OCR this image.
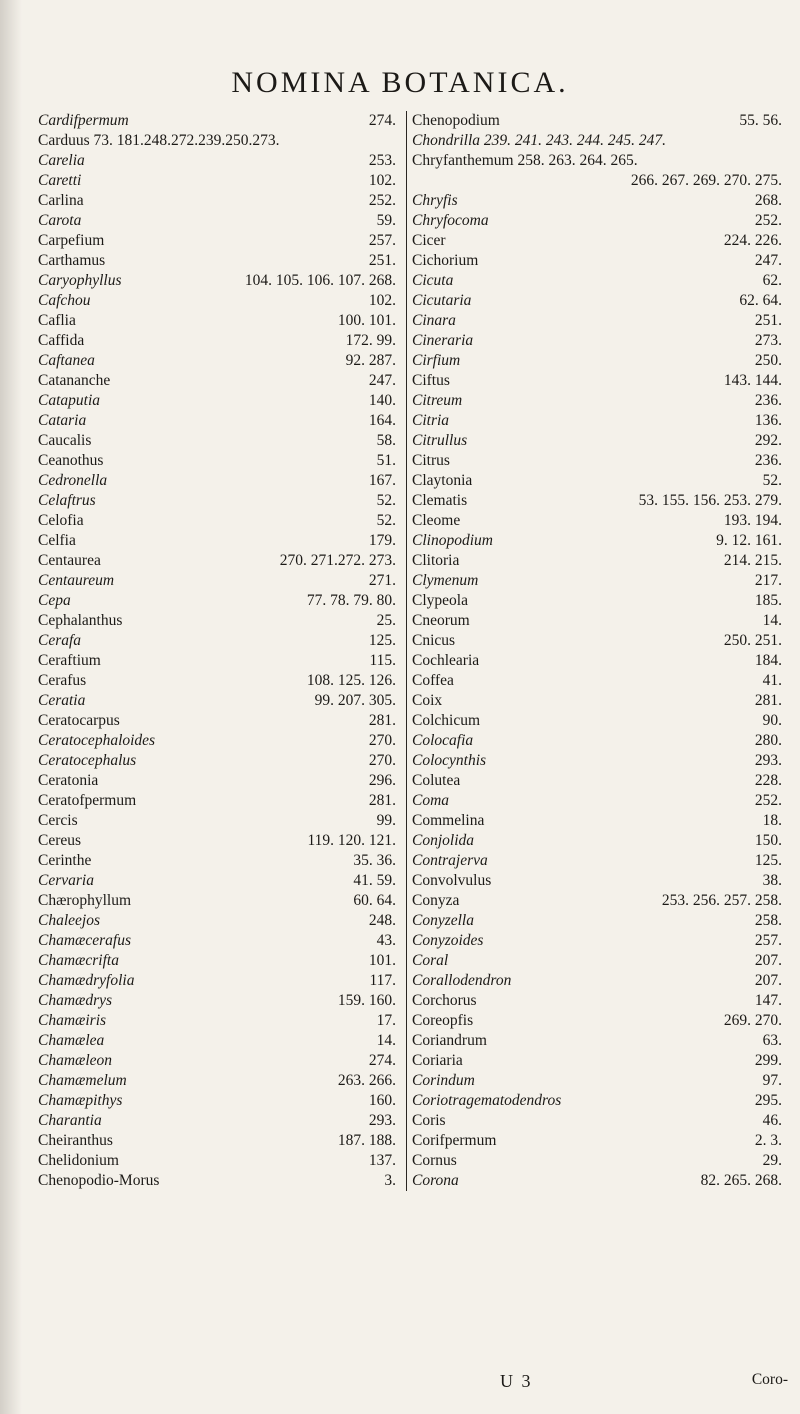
NOMINA BOTANICA.
Cardifpermum	274.
Carduus 73. 181.248.272.239.250.273.
Carelia	253.
Caretti	102.
Carlina	252.
Carota	59.
Carpefium	257.
Carthamus	251.
Caryophyllus	104. 105. 106. 107. 268.
Cafchou	102.
Caflia	100. 101.
Caffida	172. 99.
Caftanea	92. 287.
Catananche	247.
Cataputia	140.
Cataria	164.
Caucalis	58.
Ceanothus	51.
Cedronella	167.
Celaftrus	52.
Celofia	52.
Celfia	179.
Centaurea	270. 271.272. 273.
Centaureum	271.
Cepa	77. 78. 79. 80.
Cephalanthus	25.
Cerafa	125.
Ceraftium	115.
Cerafus	108. 125. 126.
Ceratia	99. 207. 305.
Ceratocarpus	281.
Ceratocephaloides	270.
Ceratocephalus	270.
Ceratonia	296.
Ceratofpermum	281.
Cercis	99.
Cereus	119. 120. 121.
Cerinthe	35. 36.
Cervaria	41. 59.
Chærophyllum	60. 64.
Chaleejos	248.
Chamæcerafus	43.
Chamæcrifta	101.
Chamædryfolia	117.
Chamædrys	159. 160.
Chamæiris	17.
Chamælea	14.
Chamæleon	274.
Chamæmelum	263. 266.
Chamæpithys	160.
Charantia	293.
Cheiranthus	187. 188.
Chelidonium	137.
Chenopodio-Morus	3.
Chenopodium	55. 56.
Chondrilla 239. 241. 243. 244. 245. 247.
Chryfanthemum 258. 263. 264. 265.
266. 267. 269. 270. 275.
Chryfis	268.
Chryfocoma	252.
Cicer	224. 226.
Cichorium	247.
Cicuta	62.
Cicutaria	62. 64.
Cinara	251.
Cineraria	273.
Cirfium	250.
Ciftus	143. 144.
Citreum	236.
Citria	136.
Citrullus	292.
Citrus	236.
Claytonia	52.
Clematis	53. 155. 156. 253. 279.
Cleome	193. 194.
Clinopodium	9. 12. 161.
Clitoria	214. 215.
Clymenum	217.
Clypeola	185.
Cneorum	14.
Cnicus	250. 251.
Cochlearia	184.
Coffea	41.
Coix	281.
Colchicum	90.
Colocafia	280.
Colocynthis	293.
Colutea	228.
Coma	252.
Commelina	18.
Conjolida	150.
Contrajerva	125.
Convolvulus	38.
Conyza	253. 256. 257. 258.
Conyzella	258.
Conyzoides	257.
Coral	207.
Corallodendron	207.
Corchorus	147.
Coreopfis	269. 270.
Coriandrum	63.
Coriaria	299.
Corindum	97.
Coriotragematodendros	295.
Coris	46.
Corifpermum	2. 3.
Cornus	29.
Corona	82. 265. 268.
U 3	Coro-
